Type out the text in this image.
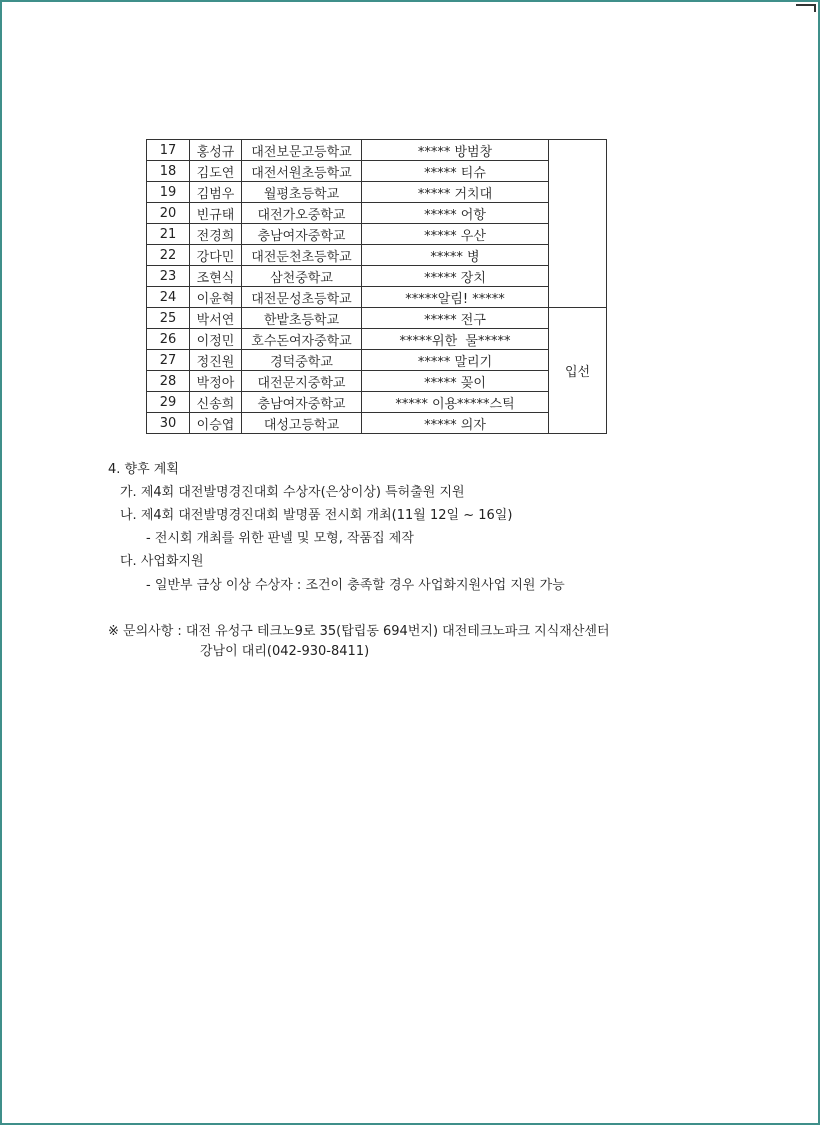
17	홍성규	대전보문고등학교	***** 방범창	
18	김도연	대전서원초등학교	***** 티슈	
19	김범우	월평초등학교	***** 거치대	
20	빈규태	대전가오중학교	***** 어항	
21	전경희	충남여자중학교	***** 우산	
22	강다민	대전둔천초등학교	***** 병	
23	조현식	삼천중학교	***** 장치	
24	이윤혁	대전문성초등학교	*****알림! *****	
25	박서연	한밭초등학교	***** 전구	입선
26	이정민	호수돈여자중학교	*****위한  물*****	
27	정진원	경덕중학교	***** 말리기	
28	박정아	대전문지중학교	***** 꽂이	
29	신송희	충남여자중학교	***** 이용*****스틱	
30	이승엽	대성고등학교	***** 의자	
4. 향후 계획
가. 제4회 대전발명경진대회 수상자(은상이상) 특허출원 지원
나. 제4회 대전발명경진대회 발명품 전시회 개최(11월 12일 ~ 16일)
- 전시회 개최를 위한 판넬 및 모형, 작품집 제작
다. 사업화지원
- 일반부 금상 이상 수상자 : 조건이 충족할 경우 사업화지원사업 지원 가능
※ 문의사항 : 대전 유성구 테크노9로 35(탑립동 694번지) 대전테크노파크 지식재산센터
강남이 대리(042-930-8411)
